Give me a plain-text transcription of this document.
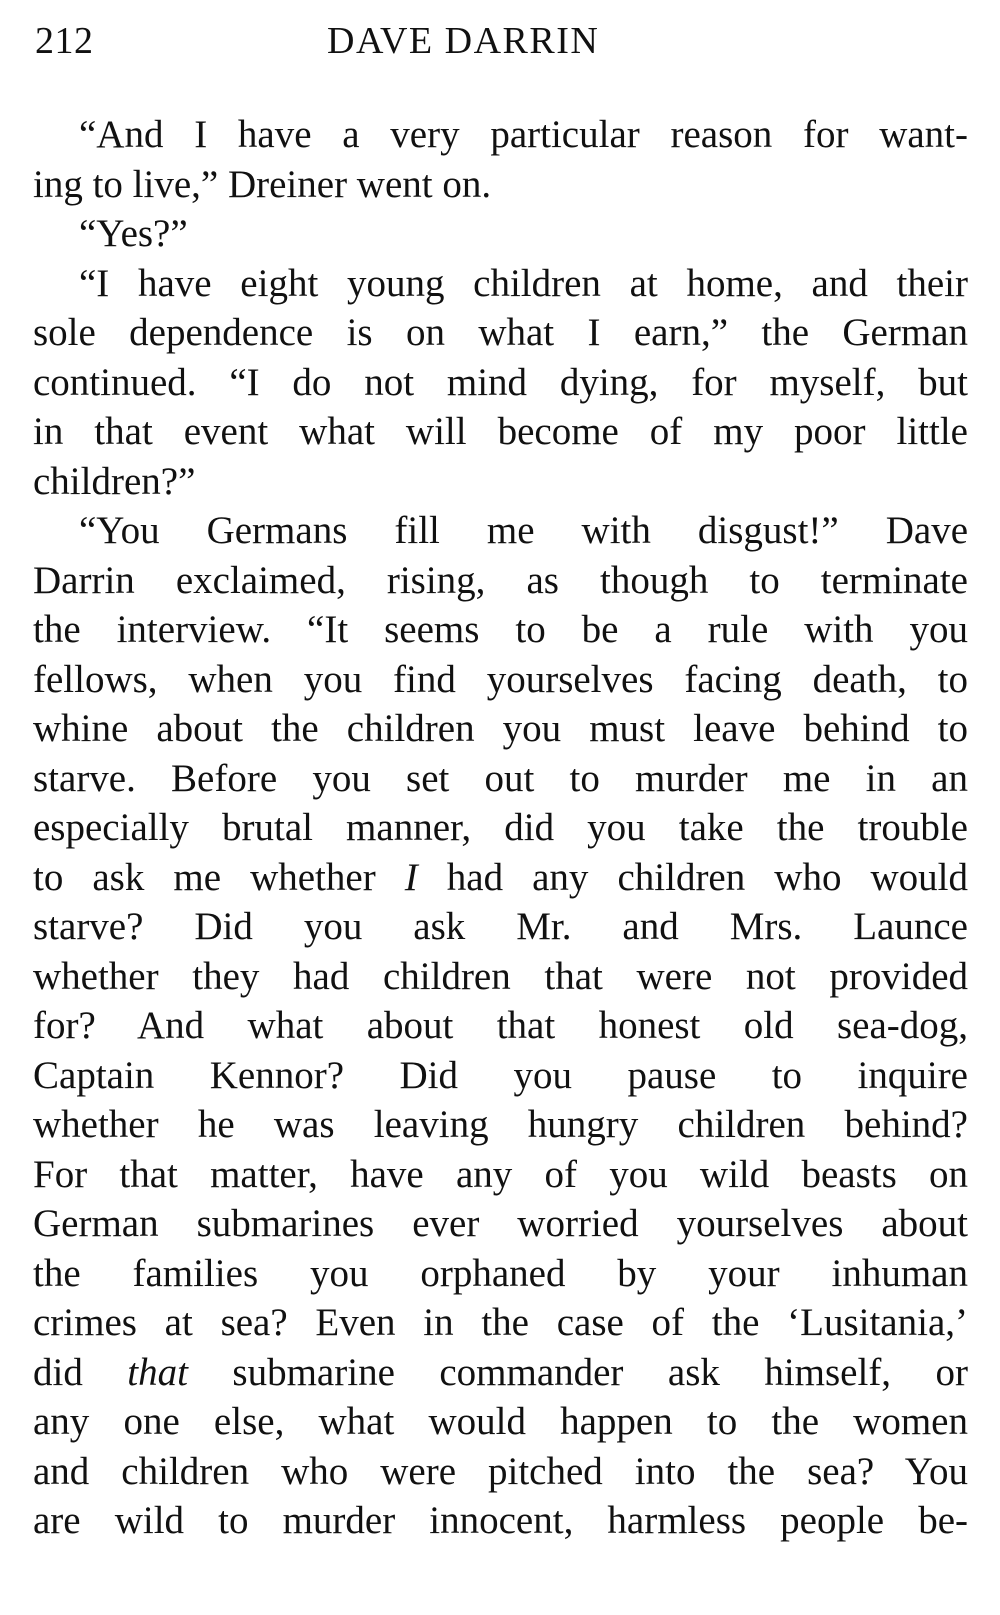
212	DAVE DARRIN
“And I have a very particular reason for want-
ing to live,” Dreiner went on.
“Yes?”
“I have eight young children at home, and their
sole dependence is on what I earn,” the German
continued. “I do not mind dying, for myself, but
in that event what will become of my poor little
children?”
“You Germans fill me with disgust!” Dave
Darrin exclaimed, rising, as though to terminate
the interview. “It seems to be a rule with you
fellows, when you find yourselves facing death, to
whine about the children you must leave behind to
starve. Before you set out to murder me in an
especially brutal manner, did you take the trouble
to ask me whether I had any children who would
starve? Did you ask Mr. and Mrs. Launce
whether they had children that were not provided
for? And what about that honest old sea-dog,
Captain Kennor? Did you pause to inquire
whether he was leaving hungry children behind?
For that matter, have any of you wild beasts on
German submarines ever worried yourselves about
the families you orphaned by your inhuman
crimes at sea? Even in the case of the ‘Lusitania,’
did that submarine commander ask himself, or
any one else, what would happen to the women
and children who were pitched into the sea? You
are wild to murder innocent, harmless people be-
